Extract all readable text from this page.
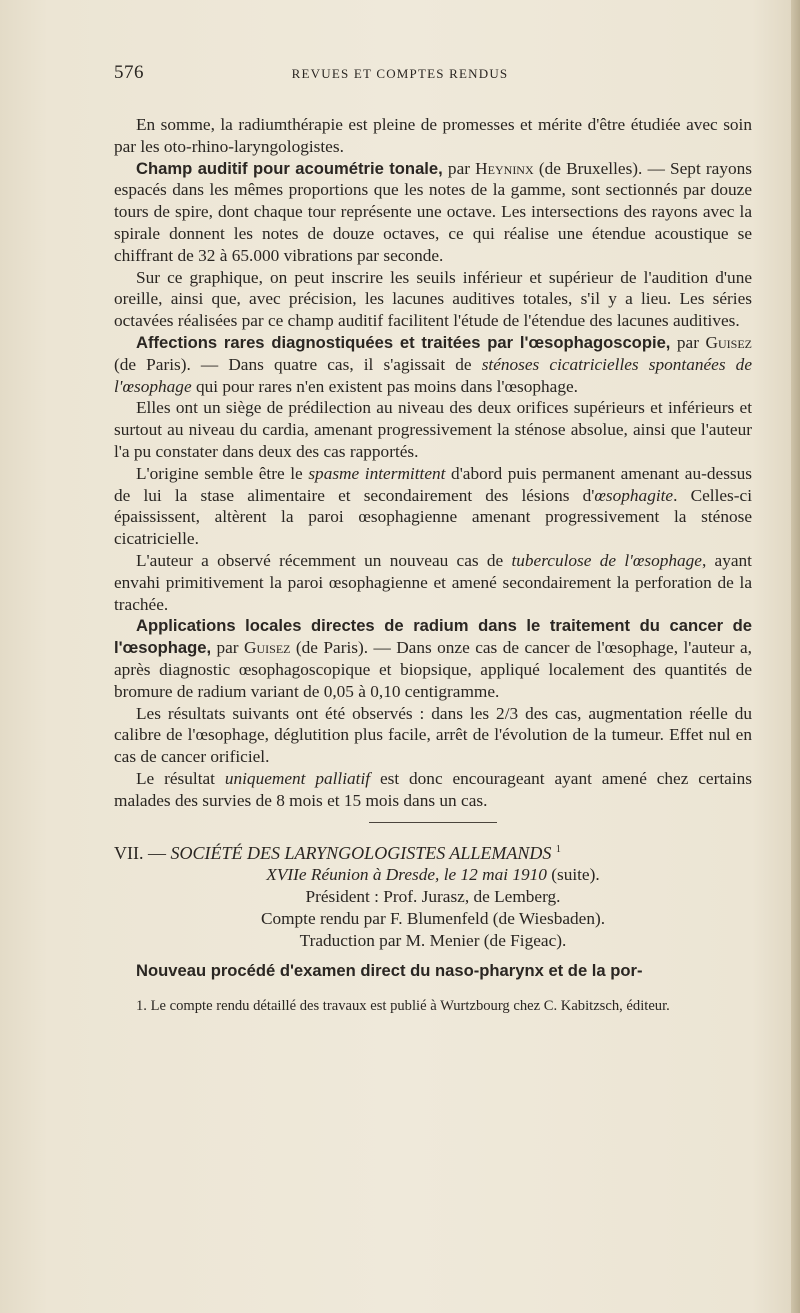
576	REVUES ET COMPTES RENDUS

En somme, la radiumthérapie est pleine de promesses et mérite d'être étudiée avec soin par les oto-rhino-laryngologistes.

Champ auditif pour acoumétrie tonale, par Heyninx (de Bruxelles). — Sept rayons espacés dans les mêmes proportions que les notes de la gamme, sont sectionnés par douze tours de spire, dont chaque tour représente une octave. Les intersections des rayons avec la spirale donnent les notes de douze octaves, ce qui réalise une étendue acoustique se chiffrant de 32 à 65.000 vibrations par seconde.

Sur ce graphique, on peut inscrire les seuils inférieur et supérieur de l'audition d'une oreille, ainsi que, avec précision, les lacunes auditives totales, s'il y a lieu. Les séries octavées réalisées par ce champ auditif facilitent l'étude de l'étendue des lacunes auditives.

Affections rares diagnostiquées et traitées par l'œsophagoscopie, par Guisez (de Paris). — Dans quatre cas, il s'agissait de sténoses cicatricielles spontanées de l'œsophage qui pour rares n'en existent pas moins dans l'œsophage.

Elles ont un siège de prédilection au niveau des deux orifices supérieurs et inférieurs et surtout au niveau du cardia, amenant progressivement la sténose absolue, ainsi que l'auteur l'a pu constater dans deux des cas rapportés.

L'origine semble être le spasme intermittent d'abord puis permanent amenant au-dessus de lui la stase alimentaire et secondairement des lésions d'œsophagite. Celles-ci épaississent, altèrent la paroi œsophagienne amenant progressivement la sténose cicatricielle.

L'auteur a observé récemment un nouveau cas de tuberculose de l'œsophage, ayant envahi primitivement la paroi œsophagienne et amené secondairement la perforation de la trachée.

Applications locales directes de radium dans le traitement du cancer de l'œsophage, par Guisez (de Paris). — Dans onze cas de cancer de l'œsophage, l'auteur a, après diagnostic œsophagoscopique et biopsique, appliqué localement des quantités de bromure de radium variant de 0,05 à 0,10 centigramme.

Les résultats suivants ont été observés : dans les 2/3 des cas, augmentation réelle du calibre de l'œsophage, déglutition plus facile, arrêt de l'évolution de la tumeur. Effet nul en cas de cancer orificiel.

Le résultat uniquement palliatif est donc encourageant ayant amené chez certains malades des survies de 8 mois et 15 mois dans un cas.

VII. — SOCIÉTÉ DES LARYNGOLOGISTES ALLEMANDS $^1$

XVIIe Réunion à Dresde, le 12 mai 1910 (suite).

Président : Prof. Jurasz, de Lemberg.

Compte rendu par F. Blumenfeld (de Wiesbaden).

Traduction par M. Menier (de Figeac).

Nouveau procédé d'examen direct du naso-pharynx et de la por-

1. Le compte rendu détaillé des travaux est publié à Wurtzbourg chez C. Kabitzsch, éditeur.
